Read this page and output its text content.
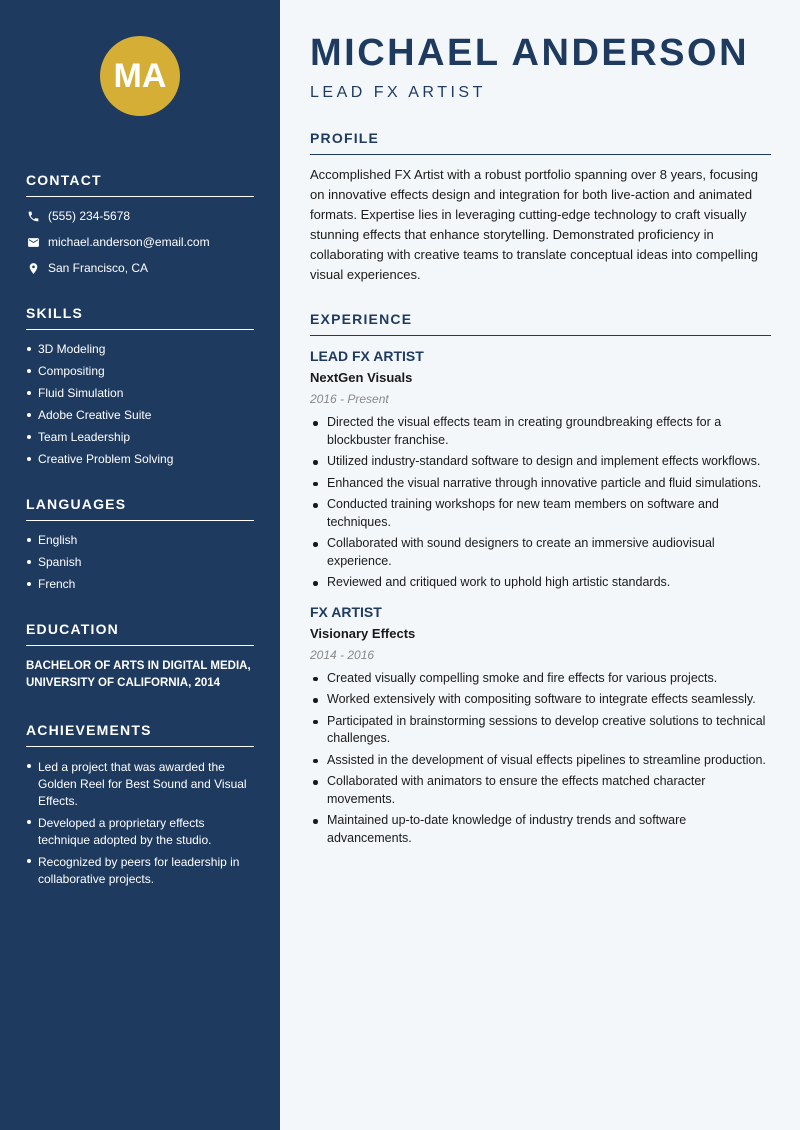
MA
CONTACT
(555) 234-5678
michael.anderson@email.com
San Francisco, CA
SKILLS
3D Modeling
Compositing
Fluid Simulation
Adobe Creative Suite
Team Leadership
Creative Problem Solving
LANGUAGES
English
Spanish
French
EDUCATION

BACHELOR OF ARTS IN DIGITAL MEDIA, UNIVERSITY OF CALIFORNIA, 2014

ACHIEVEMENTS
Led a project that was awarded the Golden Reel for Best Sound and Visual Effects.
Developed a proprietary effects technique adopted by the studio.
Recognized by peers for leadership in collaborative projects.
MICHAEL ANDERSON
LEAD FX ARTIST
PROFILE

Accomplished FX Artist with a robust portfolio spanning over 8 years, focusing on innovative effects design and integration for both live-action and animated formats. Expertise lies in leveraging cutting-edge technology to craft visually stunning effects that enhance storytelling. Demonstrated proficiency in collaborating with creative teams to translate conceptual ideas into compelling visual experiences.

EXPERIENCE
LEAD FX ARTIST
NextGen Visuals
2016 - Present
Directed the visual effects team in creating groundbreaking effects for a blockbuster franchise.
Utilized industry-standard software to design and implement effects workflows.
Enhanced the visual narrative through innovative particle and fluid simulations.
Conducted training workshops for new team members on software and techniques.
Collaborated with sound designers to create an immersive audiovisual experience.
Reviewed and critiqued work to uphold high artistic standards.
FX ARTIST
Visionary Effects
2014 - 2016
Created visually compelling smoke and fire effects for various projects.
Worked extensively with compositing software to integrate effects seamlessly.
Participated in brainstorming sessions to develop creative solutions to technical challenges.
Assisted in the development of visual effects pipelines to streamline production.
Collaborated with animators to ensure the effects matched character movements.
Maintained up-to-date knowledge of industry trends and software advancements.
